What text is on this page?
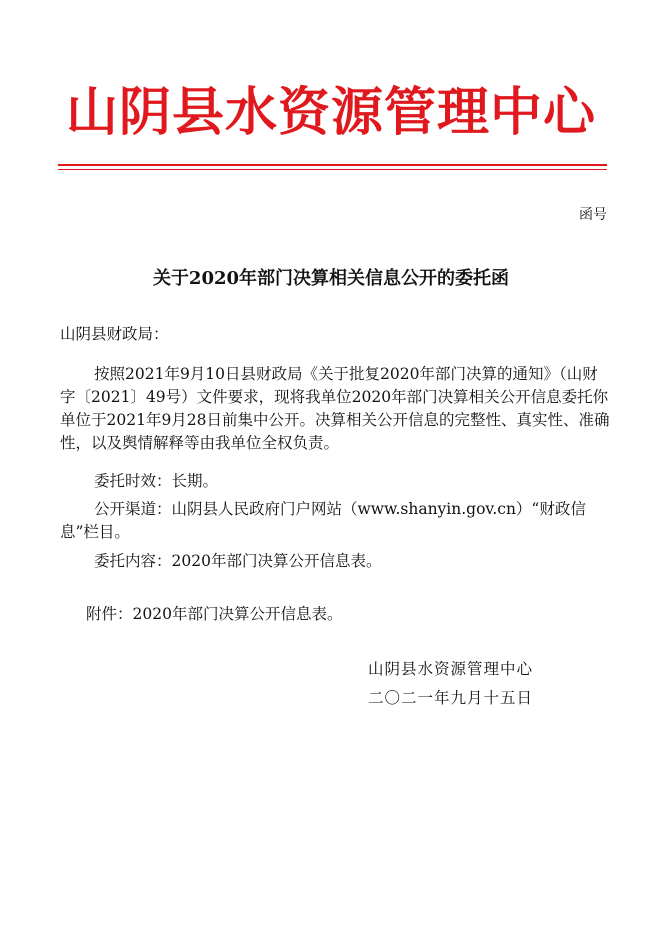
山阴县水资源管理中心
函号
关于2020年部门决算相关信息公开的委托函
山阴县财政局：
按照2021年9月10日县财政局《关于批复2020年部门决算的通知》（山财字〔2021〕49号）文件要求，现将我单位2020年部门决算相关公开信息委托你单位于2021年9月28日前集中公开。决算相关公开信息的完整性、真实性、准确性，以及舆情解释等由我单位全权负责。
委托时效：长期。
公开渠道：山阴县人民政府门户网站（www.shanyin.gov.cn）“财政信息”栏目。
委托内容：2020年部门决算公开信息表。
附件：2020年部门决算公开信息表。
山阴县水资源管理中心
二〇二一年九月十五日
